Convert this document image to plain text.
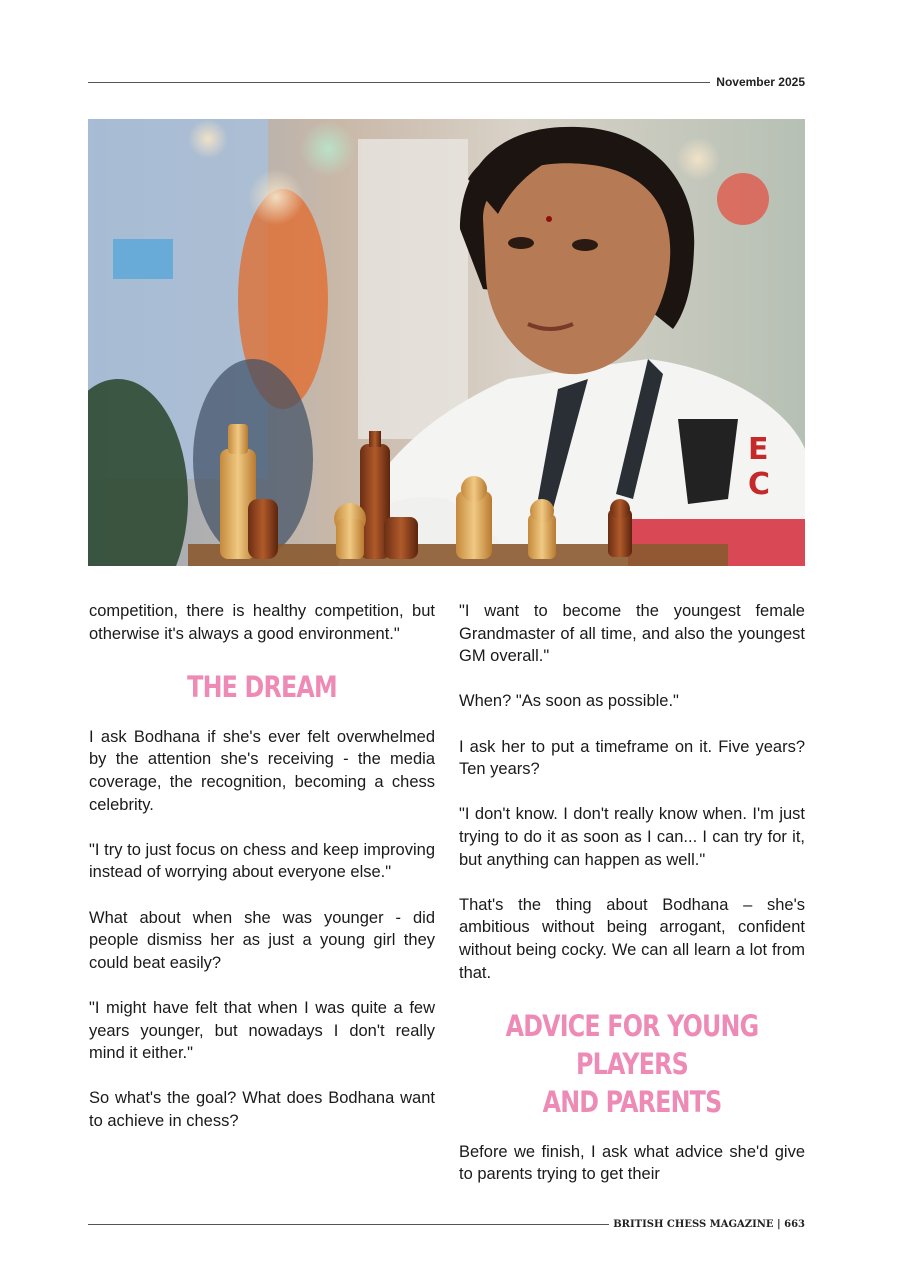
November 2025
E
C

competition, there is healthy competition, but otherwise it's always a good environment."

THE DREAM

I ask Bodhana if she's ever felt overwhelmed by the attention she's receiving - the media coverage, the recognition, becoming a chess celebrity.

"I try to just focus on chess and keep improving instead of worrying about everyone else."

What about when she was younger - did people dismiss her as just a young girl they could beat easily?

"I might have felt that when I was quite a few years younger, but nowadays I don't really mind it either."

So what's the goal? What does Bodhana want to achieve in chess?

"I want to become the youngest female Grandmaster of all time, and also the youngest GM overall."

When? "As soon as possible."

I ask her to put a timeframe on it. Five years? Ten years?

"I don't know. I don't really know when. I'm just trying to do it as soon as I can... I can try for it, but anything can happen as well."

That's the thing about Bodhana – she's ambitious without being arrogant, confident without being cocky. We can all learn a lot from that.

ADVICE FOR YOUNG PLAYERS
AND PARENTS

Before we finish, I ask what advice she'd give to parents trying to get their

BRITISH CHESS MAGAZINE | 663
